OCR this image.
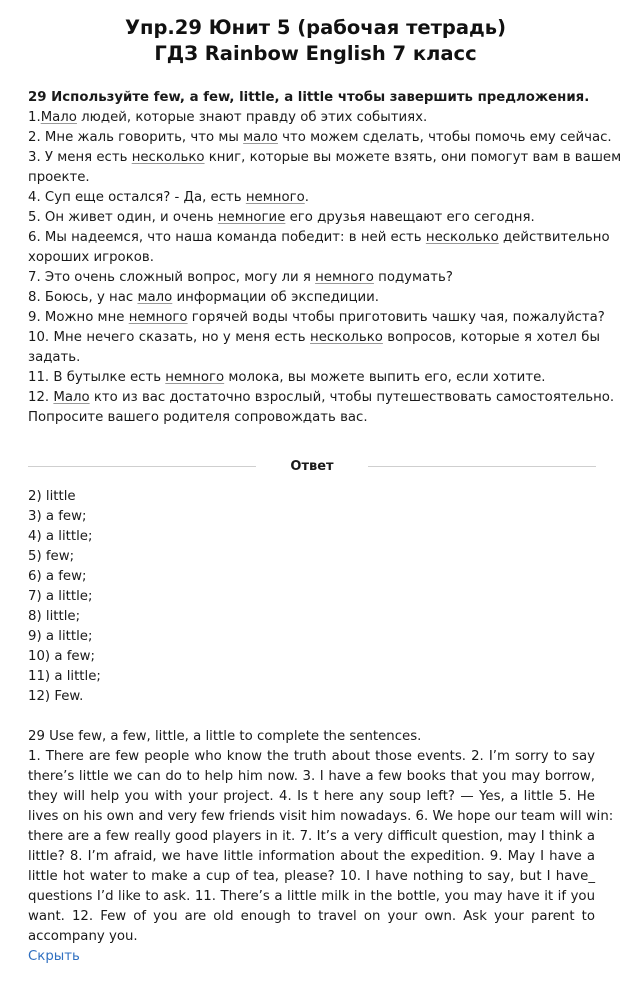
Упр.29 Юнит 5 (рабочая тетрадь)
ГДЗ Rainbow English 7 класс
29 Используйте few, a few, little, a little чтобы завершить предложения.
1.Мало людей, которые знают правду об этих событиях.
2. Мне жаль говорить, что мы мало что можем сделать, чтобы помочь ему сейчас.
3. У меня есть несколько книг, которые вы можете взять, они помогут вам в вашем
проекте.
4. Суп еще остался? - Да, есть немного.
5. Он живет один, и очень немногие его друзья навещают его сегодня.
6. Мы надеемся, что наша команда победит: в ней есть несколько действительно
хороших игроков.
7. Это очень сложный вопрос, могу ли я немного подумать?
8. Боюсь, у нас мало информации об экспедиции.
9. Можно мне немного горячей воды чтобы приготовить чашку чая, пожалуйста?
10. Мне нечего сказать, но у меня есть несколько вопросов, которые я хотел бы
задать.
11. В бутылке есть немного молока, вы можете выпить его, если хотите.
12. Мало кто из вас достаточно взрослый, чтобы путешествовать самостоятельно.
Попросите вашего родителя сопровождать вас.
Ответ
2) little
3) a few;
4) a little;
5) few;
6) a few;
7) a little;
8) little;
9) a little;
10) a few;
11) a little;
12) Few.
29 Use few, a few, little, a little to complete the sentences.
1. There are few people who know the truth about those events. 2. I’m sorry to say
there’s little we can do to help him now. 3. I have a few books that you may borrow,
they will help you with your project. 4. Is t here any soup left? — Yes, a little 5. He
lives on his own and very few friends visit him nowadays. 6. We hope our team will win:
there are a few really good players in it. 7. It’s a very difficult question, may I think a
little? 8. I’m afraid, we have little information about the expedition. 9. May I have a
little hot water to make a cup of tea, please? 10. I have nothing to say, but I have_
questions I’d like to ask. 11. There’s a little milk in the bottle, you may have it if you
want. 12. Few of you are old enough to travel on your own. Ask your parent to
accompany you.
Скрыть
